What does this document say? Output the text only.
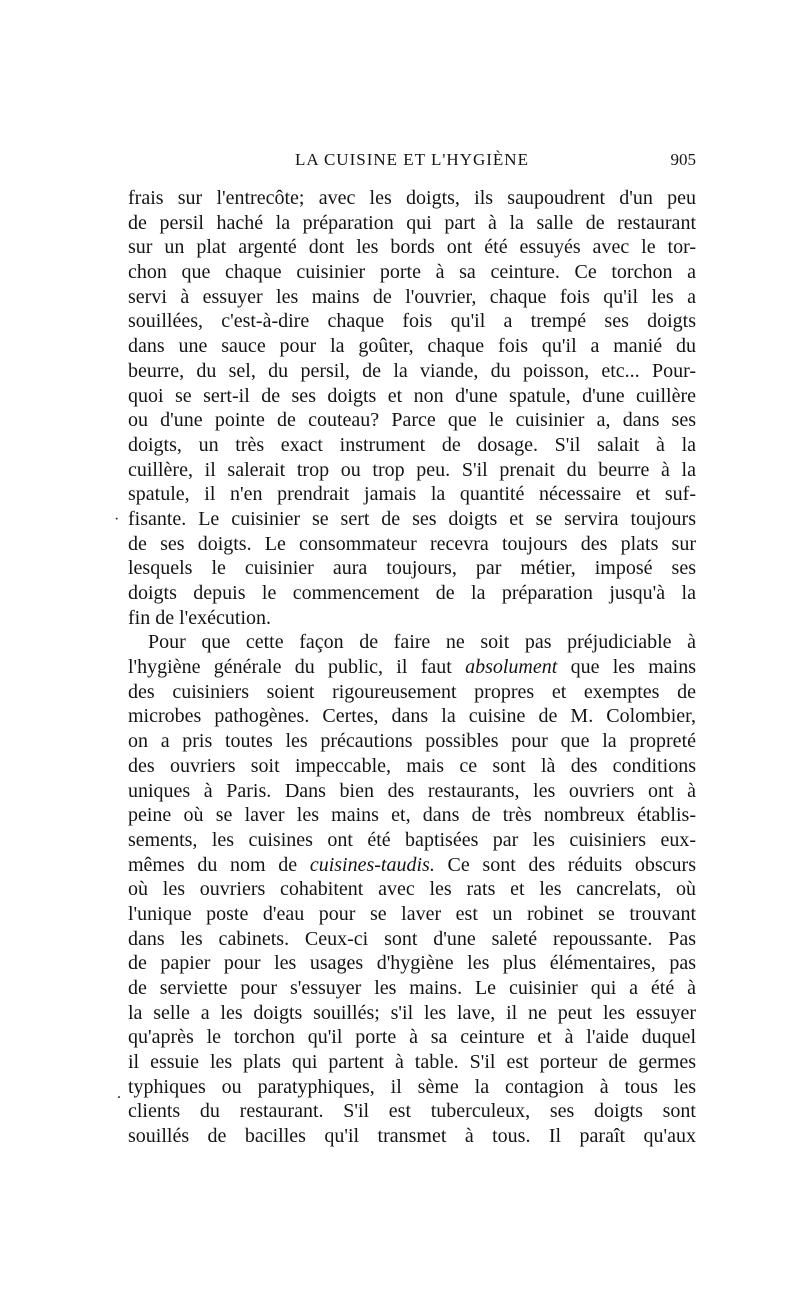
LA CUISINE ET L'HYGIÈNE	905
·
.
frais sur l'entrecôte; avec les doigts, ils saupoudrent d'un peu
de persil haché la préparation qui part à la salle de restaurant
sur un plat argenté dont les bords ont été essuyés avec le tor-
chon que chaque cuisinier porte à sa ceinture. Ce torchon a
servi à essuyer les mains de l'ouvrier, chaque fois qu'il les a
souillées, c'est-à-dire chaque fois qu'il a trempé ses doigts
dans une sauce pour la goûter, chaque fois qu'il a manié du
beurre, du sel, du persil, de la viande, du poisson, etc... Pour-
quoi se sert-il de ses doigts et non d'une spatule, d'une cuillère
ou d'une pointe de couteau? Parce que le cuisinier a, dans ses
doigts, un très exact instrument de dosage. S'il salait à la
cuillère, il salerait trop ou trop peu. S'il prenait du beurre à la
spatule, il n'en prendrait jamais la quantité nécessaire et suf-
fisante. Le cuisinier se sert de ses doigts et se servira toujours
de ses doigts. Le consommateur recevra toujours des plats sur
lesquels le cuisinier aura toujours, par métier, imposé ses
doigts depuis le commencement de la préparation jusqu'à la
fin de l'exécution.
Pour que cette façon de faire ne soit pas préjudiciable à
l'hygiène générale du public, il faut absolument que les mains
des cuisiniers soient rigoureusement propres et exemptes de
microbes pathogènes. Certes, dans la cuisine de M. Colombier,
on a pris toutes les précautions possibles pour que la propreté
des ouvriers soit impeccable, mais ce sont là des conditions
uniques à Paris. Dans bien des restaurants, les ouvriers ont à
peine où se laver les mains et, dans de très nombreux établis-
sements, les cuisines ont été baptisées par les cuisiniers eux-
mêmes du nom de cuisines-taudis. Ce sont des réduits obscurs
où les ouvriers cohabitent avec les rats et les cancrelats, où
l'unique poste d'eau pour se laver est un robinet se trouvant
dans les cabinets. Ceux-ci sont d'une saleté repoussante. Pas
de papier pour les usages d'hygiène les plus élémentaires, pas
de serviette pour s'essuyer les mains. Le cuisinier qui a été à
la selle a les doigts souillés; s'il les lave, il ne peut les essuyer
qu'après le torchon qu'il porte à sa ceinture et à l'aide duquel
il essuie les plats qui partent à table. S'il est porteur de germes
typhiques ou paratyphiques, il sème la contagion à tous les
clients du restaurant. S'il est tuberculeux, ses doigts sont
souillés de bacilles qu'il transmet à tous. Il paraît qu'aux
